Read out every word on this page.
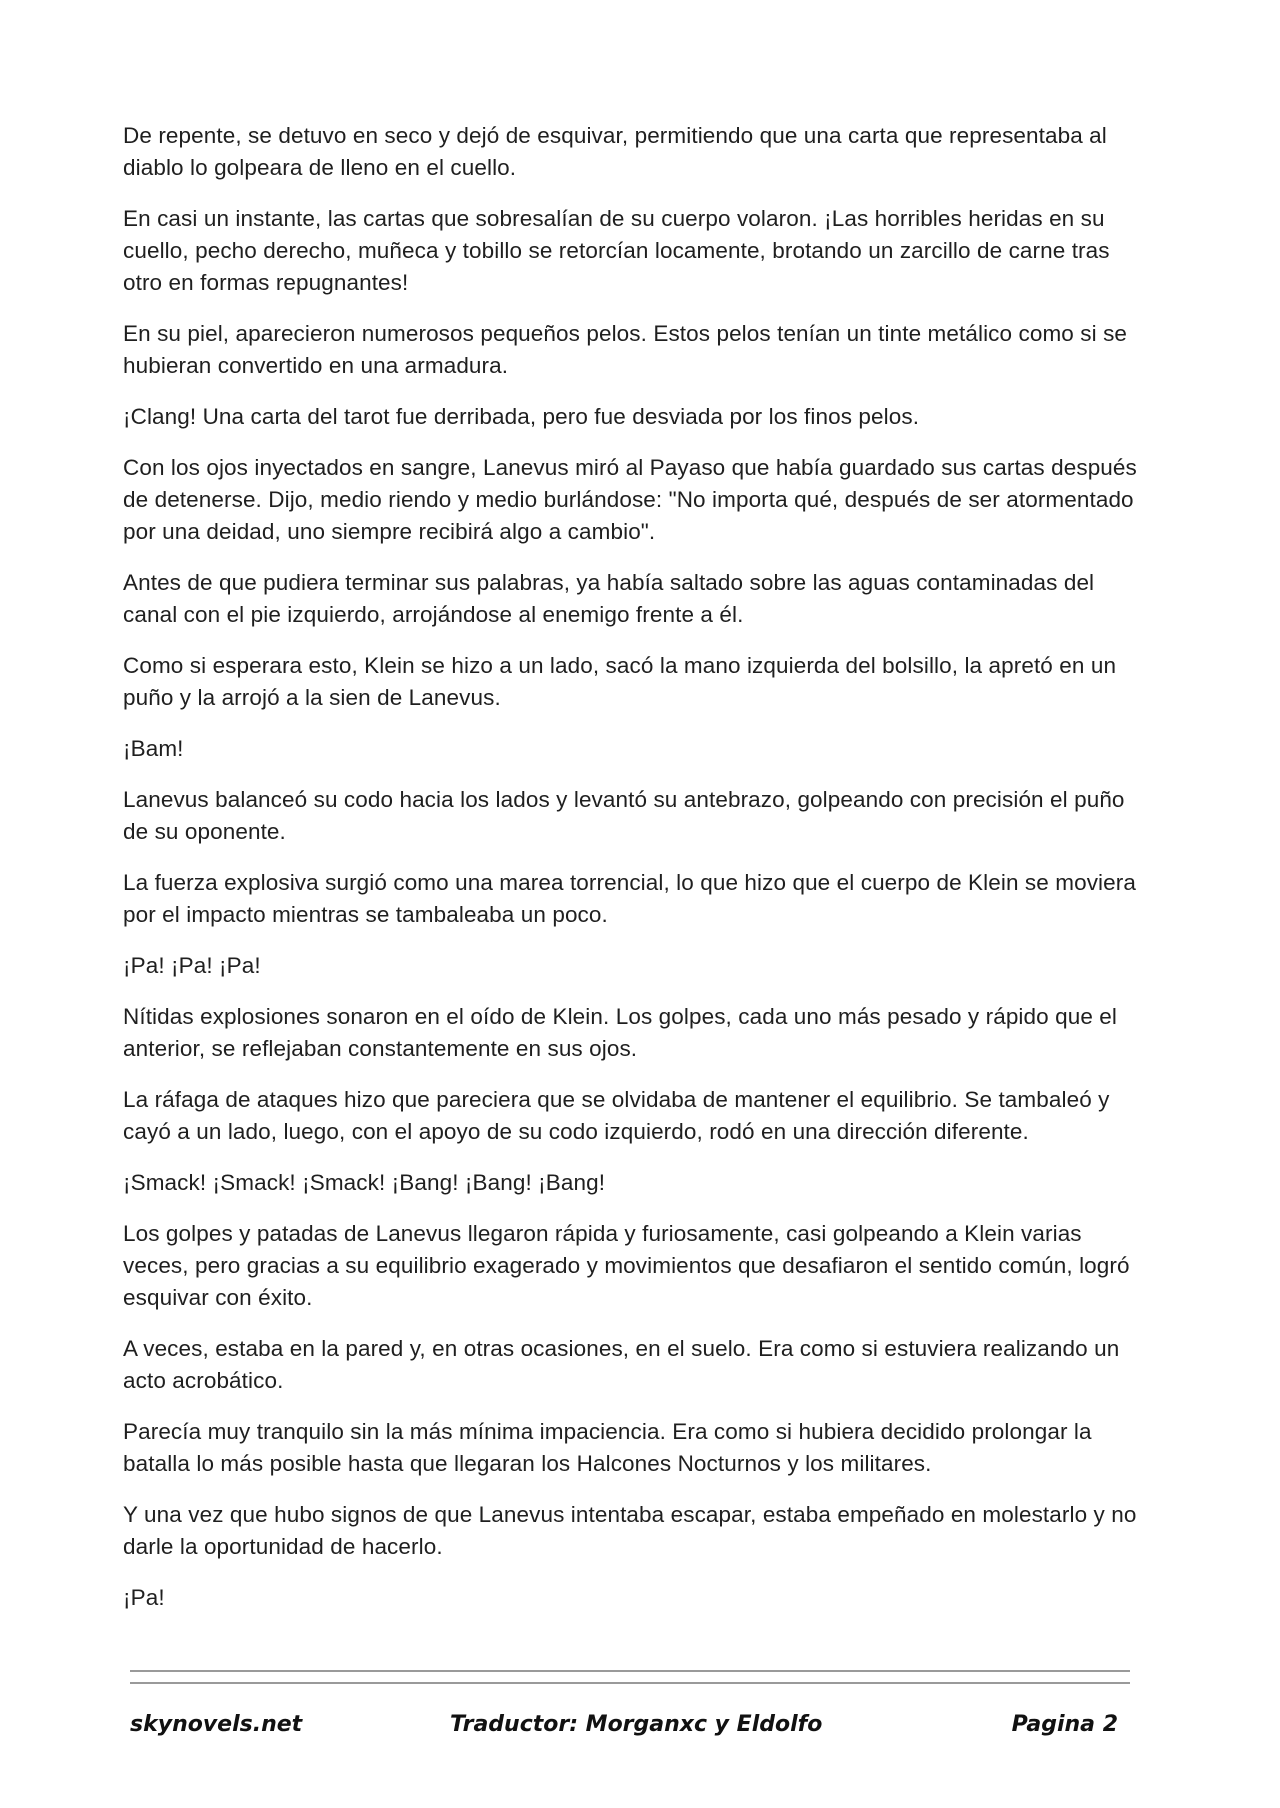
De repente, se detuvo en seco y dejó de esquivar, permitiendo que una carta que representaba al diablo lo golpeara de lleno en el cuello.

En casi un instante, las cartas que sobresalían de su cuerpo volaron. ¡Las horribles heridas en su cuello, pecho derecho, muñeca y tobillo se retorcían locamente, brotando un zarcillo de carne tras otro en formas repugnantes!

En su piel, aparecieron numerosos pequeños pelos. Estos pelos tenían un tinte metálico como si se hubieran convertido en una armadura.

¡Clang! Una carta del tarot fue derribada, pero fue desviada por los finos pelos.

Con los ojos inyectados en sangre, Lanevus miró al Payaso que había guardado sus cartas después de detenerse. Dijo, medio riendo y medio burlándose: "No importa qué, después de ser atormentado por una deidad, uno siempre recibirá algo a cambio".

Antes de que pudiera terminar sus palabras, ya había saltado sobre las aguas contaminadas del canal con el pie izquierdo, arrojándose al enemigo frente a él.

Como si esperara esto, Klein se hizo a un lado, sacó la mano izquierda del bolsillo, la apretó en un puño y la arrojó a la sien de Lanevus.

¡Bam!

Lanevus balanceó su codo hacia los lados y levantó su antebrazo, golpeando con precisión el puño de su oponente.

La fuerza explosiva surgió como una marea torrencial, lo que hizo que el cuerpo de Klein se moviera por el impacto mientras se tambaleaba un poco.

¡Pa! ¡Pa! ¡Pa!

Nítidas explosiones sonaron en el oído de Klein. Los golpes, cada uno más pesado y rápido que el anterior, se reflejaban constantemente en sus ojos.

La ráfaga de ataques hizo que pareciera que se olvidaba de mantener el equilibrio. Se tambaleó y cayó a un lado, luego, con el apoyo de su codo izquierdo, rodó en una dirección diferente.

¡Smack! ¡Smack! ¡Smack! ¡Bang! ¡Bang! ¡Bang!

Los golpes y patadas de Lanevus llegaron rápida y furiosamente, casi golpeando a Klein varias veces, pero gracias a su equilibrio exagerado y movimientos que desafiaron el sentido común, logró esquivar con éxito.

A veces, estaba en la pared y, en otras ocasiones, en el suelo. Era como si estuviera realizando un acto acrobático.

Parecía muy tranquilo sin la más mínima impaciencia. Era como si hubiera decidido prolongar la batalla lo más posible hasta que llegaran los Halcones Nocturnos y los militares.

Y una vez que hubo signos de que Lanevus intentaba escapar, estaba empeñado en molestarlo y no darle la oportunidad de hacerlo.

¡Pa!

skynovels.net	Traductor: Morganxc y Eldolfo	Pagina 2
